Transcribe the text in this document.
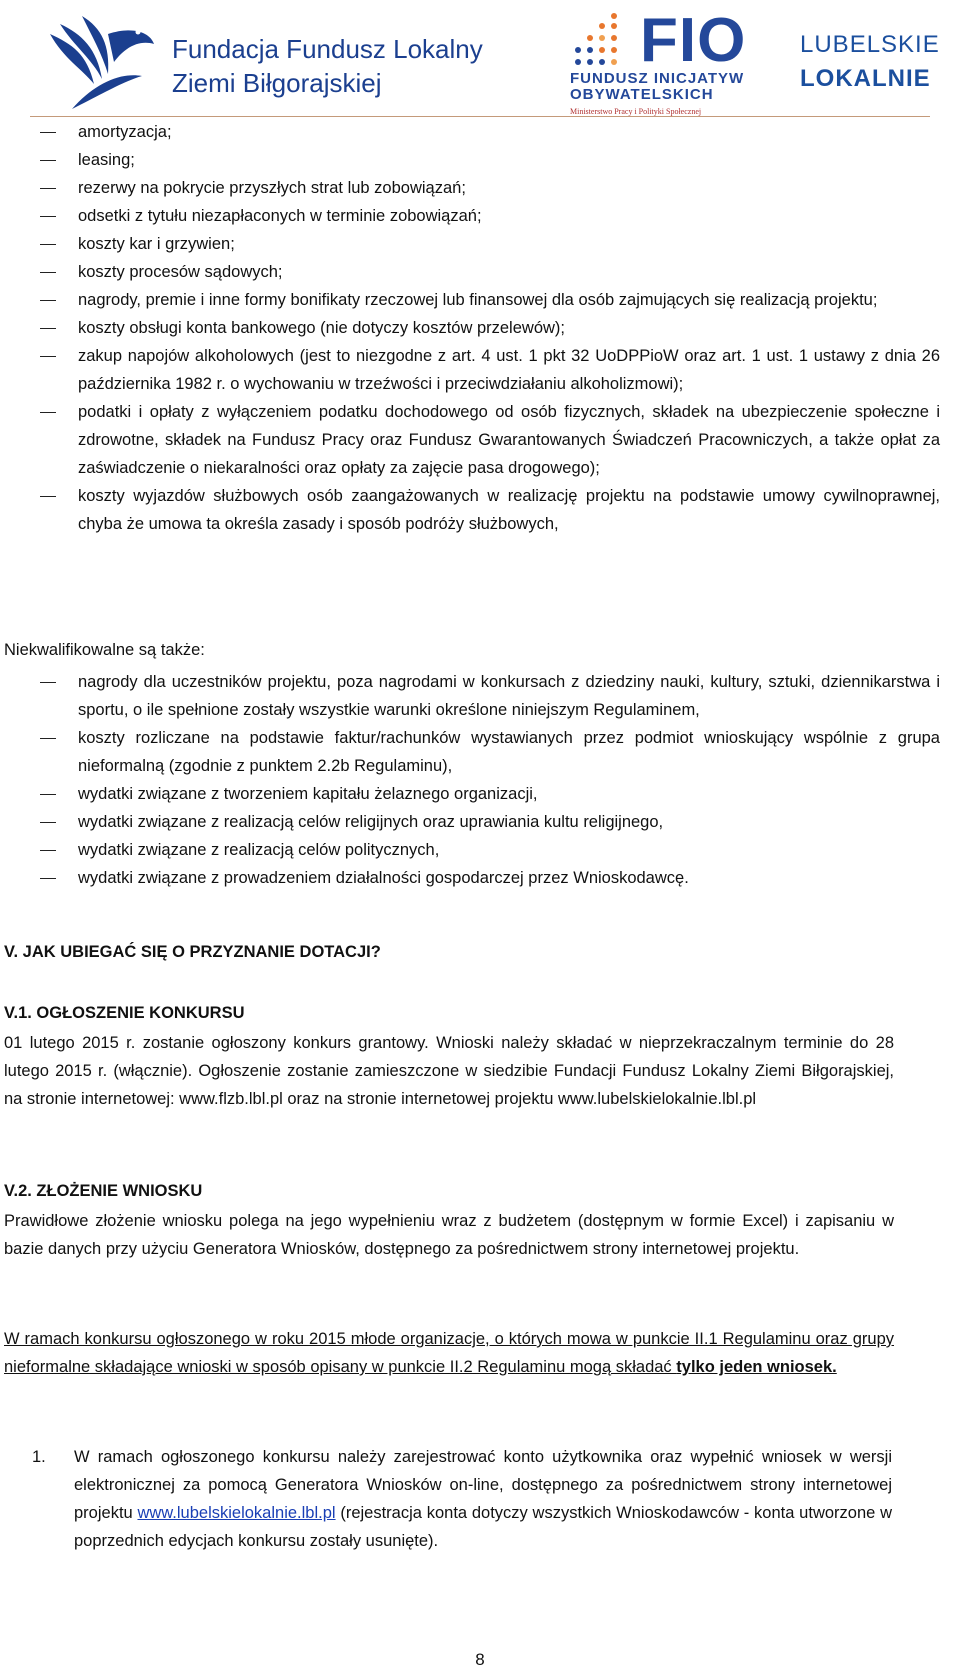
Fundacja Fundusz Lokalny
Ziemi Biłgorajskiej
FIO
FUNDUSZ INICJATYW
OBYWATELSKICH
Ministerstwo Pracy i Polityki Społecznej
LUBELSKIE
LOKALNIE
amortyzacja;
leasing;
rezerwy na pokrycie przyszłych strat lub zobowiązań;
odsetki z tytułu niezapłaconych w terminie zobowiązań;
koszty kar i grzywien;
koszty procesów sądowych;
nagrody, premie i inne formy bonifikaty rzeczowej lub finansowej dla osób zajmujących się realizacją projektu;
koszty obsługi konta bankowego (nie dotyczy kosztów przelewów);
zakup napojów alkoholowych (jest to niezgodne z art. 4 ust. 1 pkt 32 UoDPPioW oraz art. 1 ust. 1 ustawy z dnia 26 października 1982 r. o wychowaniu w trzeźwości i przeciwdziałaniu alkoholizmowi);
podatki i opłaty z wyłączeniem podatku dochodowego od osób fizycznych, składek na ubezpieczenie społeczne i zdrowotne, składek na Fundusz Pracy oraz Fundusz Gwarantowanych Świadczeń Pracowniczych, a także opłat za zaświadczenie o niekaralności oraz opłaty za zajęcie pasa drogowego);
koszty wyjazdów służbowych osób zaangażowanych w realizację projektu na podstawie umowy cywilnoprawnej, chyba że umowa ta określa zasady i sposób podróży służbowych,
Niekwalifikowalne są także:
nagrody dla uczestników projektu, poza nagrodami w konkursach z dziedziny nauki, kultury, sztuki, dziennikarstwa i sportu, o ile spełnione zostały wszystkie warunki określone niniejszym Regulaminem,
koszty rozliczane na podstawie faktur/rachunków wystawianych przez podmiot wnioskujący wspólnie z grupa nieformalną (zgodnie z punktem 2.2b Regulaminu),
wydatki związane z tworzeniem kapitału żelaznego organizacji,
wydatki związane z realizacją celów religijnych oraz uprawiania kultu religijnego,
wydatki związane z realizacją celów politycznych,
wydatki związane z prowadzeniem działalności gospodarczej przez Wnioskodawcę.
V. JAK UBIEGAĆ SIĘ O PRZYZNANIE DOTACJI?
V.1. OGŁOSZENIE KONKURSU
01 lutego 2015 r. zostanie ogłoszony konkurs grantowy. Wnioski należy składać w nieprzekraczalnym terminie do 28 lutego 2015 r. (włącznie). Ogłoszenie zostanie zamieszczone w siedzibie Fundacji Fundusz Lokalny Ziemi Biłgorajskiej, na stronie internetowej: www.flzb.lbl.pl oraz na stronie internetowej projektu www.lubelskielokalnie.lbl.pl
V.2. ZŁOŻENIE WNIOSKU
Prawidłowe złożenie wniosku polega na jego wypełnieniu wraz z budżetem (dostępnym w formie Excel) i zapisaniu w bazie danych przy użyciu Generatora Wniosków, dostępnego za pośrednictwem strony internetowej projektu.
W ramach konkursu ogłoszonego w roku 2015 młode organizacje, o których mowa w punkcie II.1 Regulaminu oraz grupy nieformalne składające wnioski w sposób opisany w punkcie II.2 Regulaminu mogą składać tylko jeden wniosek.
1. W ramach ogłoszonego konkursu należy zarejestrować konto użytkownika oraz wypełnić wniosek w wersji elektronicznej za pomocą Generatora Wniosków on-line, dostępnego za pośrednictwem strony internetowej projektu www.lubelskielokalnie.lbl.pl (rejestracja konta dotyczy wszystkich Wnioskodawców - konta utworzone w poprzednich edycjach konkursu zostały usunięte).
8
